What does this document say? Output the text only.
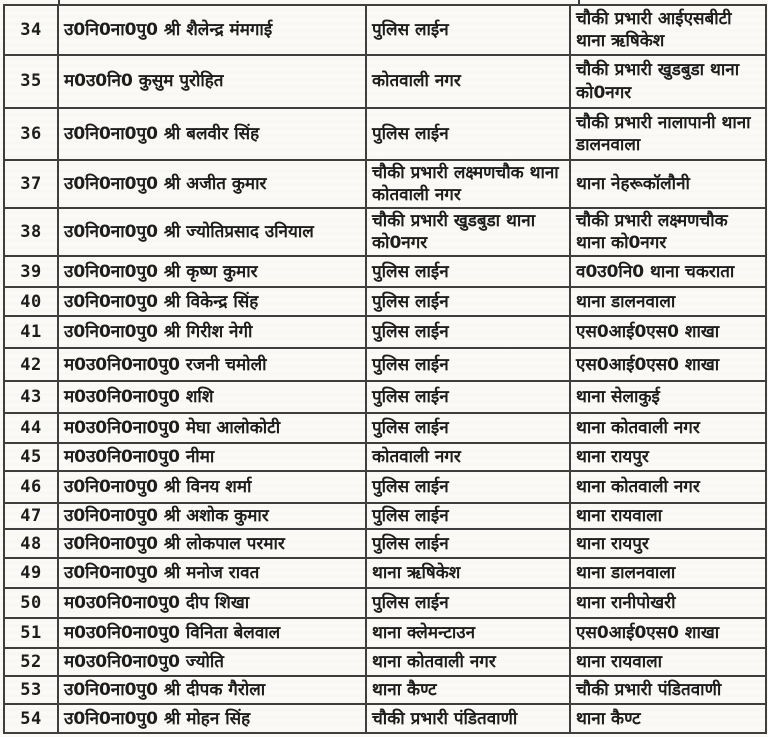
34	उ0नि0ना0पु0 श्री शैलेन्द्र मंमगाई	पुलिस लाईन	चौकी प्रभारी आईएसबीटी थाना ऋषिकेश
35	म0उ0नि0 कुसुम पुरोहित	कोतवाली नगर	चौकी प्रभारी खुडबुडा थाना को0नगर
36	उ0नि0ना0पु0 श्री बलवीर सिंह	पुलिस लाईन	चौकी प्रभारी नालापानी थाना डालनवाला
37	उ0नि0ना0पु0 श्री अजीत कुमार	चौकी प्रभारी लक्ष्मणचौक थाना कोतवाली नगर	थाना नेहरूकॉलौनी
38	उ0नि0ना0पु0 श्री ज्योतिप्रसाद उनियाल	चौकी प्रभारी खुडबुडा थाना को0नगर	चौकी प्रभारी लक्ष्मणचौक थाना को0नगर
39	उ0नि0ना0पु0 श्री कृष्ण कुमार	पुलिस लाईन	व0उ0नि0 थाना चकराता
40	उ0नि0ना0पु0 श्री विकेन्द्र सिंह	पुलिस लाईन	थाना डालनवाला
41	उ0नि0ना0पु0 श्री गिरीश नेगी	पुलिस लाईन	एस0आई0एस0 शाखा
42	म0उ0नि0ना0पु0 रजनी चमोली	पुलिस लाईन	एस0आई0एस0 शाखा
43	म0उ0नि0ना0पु0 शशि	पुलिस लाईन	थाना सेलाकुई
44	म0उ0नि0ना0पु0 मेघा आलोकोटी	पुलिस लाईन	थाना कोतवाली नगर
45	म0उ0नि0ना0पु0 नीमा	कोतवाली नगर	थाना रायपुर
46	उ0नि0ना0पु0 श्री विनय शर्मा	पुलिस लाईन	थाना कोतवाली नगर
47	उ0नि0ना0पु0 श्री अशोक कुमार	पुलिस लाईन	थाना रायवाला
48	उ0नि0ना0पु0 श्री लोकपाल परमार	पुलिस लाईन	थाना रायपुर
49	उ0नि0ना0पु0 श्री मनोज रावत	थाना ऋषिकेश	थाना डालनवाला
50	म0उ0नि0ना0पु0 दीप शिखा	पुलिस लाईन	थाना रानीपोखरी
51	म0उ0नि0ना0पु0 विनिता बेलवाल	थाना क्लेमन्टाउन	एस0आई0एस0 शाखा
52	म0उ0नि0ना0पु0 ज्योति	थाना कोतवाली नगर	थाना रायवाला
53	उ0नि0ना0पु0 श्री दीपक गैरोला	थाना कैण्ट	चौकी प्रभारी पंडितवाणी
54	उ0नि0ना0पु0 श्री मोहन सिंह	चौकी प्रभारी पंडितवाणी	थाना कैण्ट
